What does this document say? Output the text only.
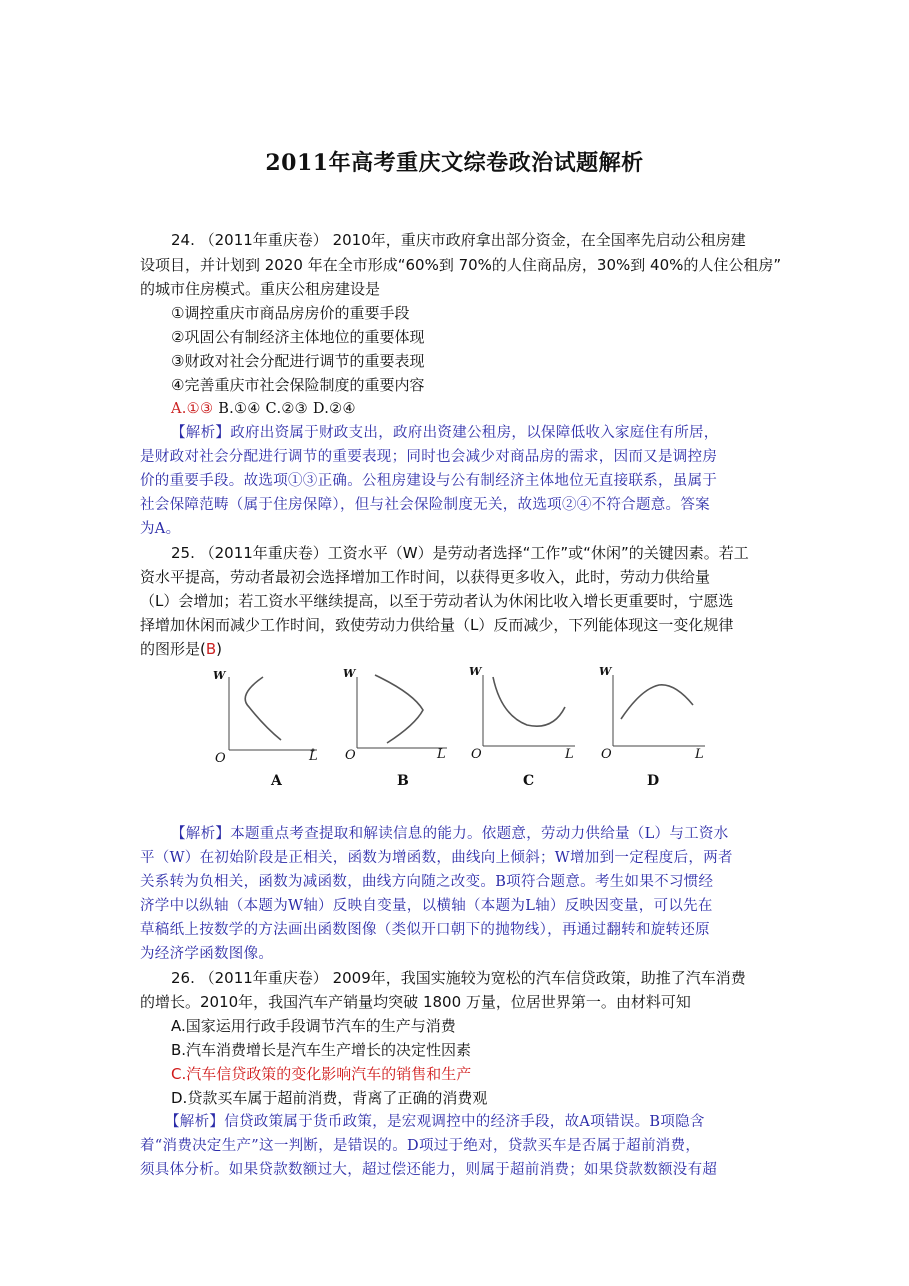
2011年高考重庆文综卷政治试题解析
24. （2011年重庆卷） 2010年，重庆市政府拿出部分资金，在全国率先启动公租房建
设项目，并计划到 2020 年在全市形成“60%到 70%的人住商品房，30%到 40%的人住公租房”
的城市住房模式。重庆公租房建设是
①调控重庆市商品房房价的重要手段
②巩固公有制经济主体地位的重要体现
③财政对社会分配进行调节的重要表现
④完善重庆市社会保险制度的重要内容
A.①③ B.①④ C.②③ D.②④
【解析】政府出资属于财政支出，政府出资建公租房，以保障低收入家庭住有所居，
是财政对社会分配进行调节的重要表现；同时也会减少对商品房的需求，因而又是调控房
价的重要手段。故选项①③正确。公租房建设与公有制经济主体地位无直接联系，虽属于
社会保障范畴（属于住房保障），但与社会保险制度无关，故选项②④不符合题意。答案
为A。
25. （2011年重庆卷）工资水平（W）是劳动者选择“工作”或“休闲”的关键因素。若工
资水平提高，劳动者最初会选择增加工作时间，以获得更多收入，此时，劳动力供给量
（L）会增加；若工资水平继续提高，以至于劳动者认为休闲比收入增长更重要时，宁愿选
择增加休闲而减少工作时间，致使劳动力供给量（L）反而减少，下列能体现这一变化规律
的图形是(B)
W
O	L
A
W
O	L
B
W
O	L
C
W
O	L
D
【解析】本题重点考查提取和解读信息的能力。依题意，劳动力供给量（L）与工资水
平（W）在初始阶段是正相关，函数为增函数，曲线向上倾斜；W增加到一定程度后，两者
关系转为负相关，函数为减函数，曲线方向随之改变。B项符合题意。考生如果不习惯经
济学中以纵轴（本题为W轴）反映自变量，以横轴（本题为L轴）反映因变量，可以先在
草稿纸上按数学的方法画出函数图像（类似开口朝下的抛物线），再通过翻转和旋转还原
为经济学函数图像。
26. （2011年重庆卷） 2009年，我国实施较为宽松的汽车信贷政策，助推了汽车消费
的增长。2010年，我国汽车产销量均突破 1800 万量，位居世界第一。由材料可知
A.国家运用行政手段调节汽车的生产与消费
B.汽车消费增长是汽车生产增长的决定性因素
C.汽车信贷政策的变化影响汽车的销售和生产
D.贷款买车属于超前消费，背离了正确的消费观
【解析】信贷政策属于货币政策，是宏观调控中的经济手段，故A项错误。B项隐含
着“消费决定生产”这一判断，是错误的。D项过于绝对，贷款买车是否属于超前消费，
须具体分析。如果贷款数额过大，超过偿还能力，则属于超前消费；如果贷款数额没有超
